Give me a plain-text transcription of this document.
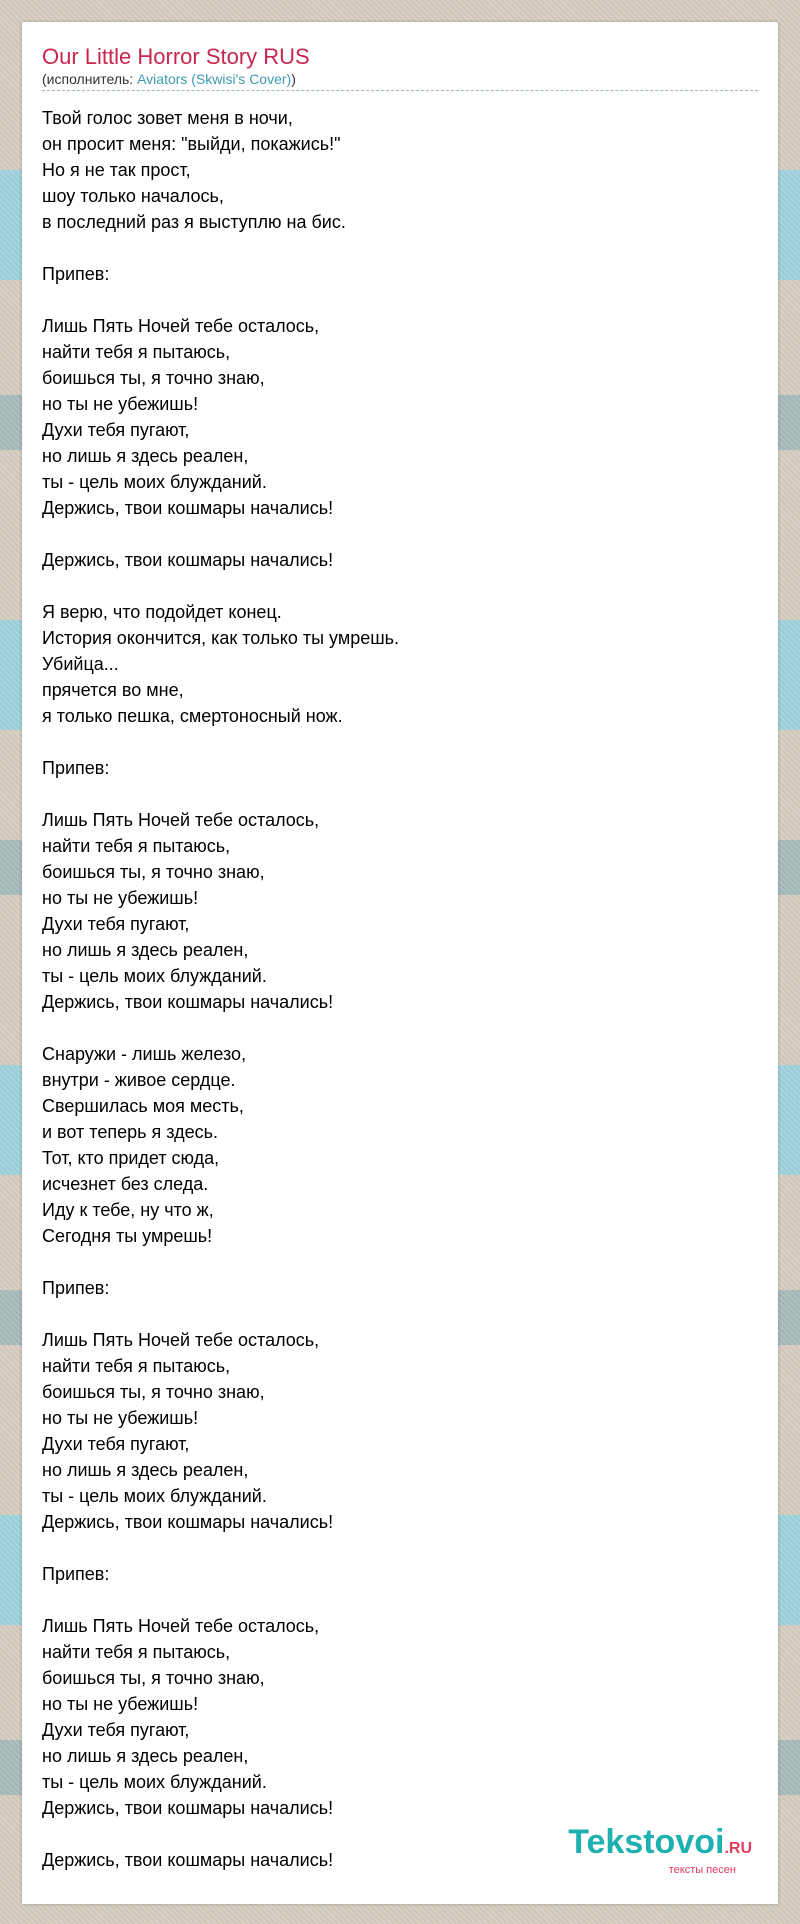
Our Little Horror Story RUS
(исполнитель: Aviators (Skwisi's Cover))
Твой голос зовет меня в ночи,
он просит меня: "выйди, покажись!"
Но я не так прост,
шоу только началось,
в последний раз я выступлю на бис.
Припев:
Лишь Пять Ночей тебе осталось,
найти тебя я пытаюсь,
боишься ты, я точно знаю,
но ты не убежишь!
Духи тебя пугают,
но лишь я здесь реален,
ты - цель моих блужданий.
Держись, твои кошмары начались!
Держись, твои кошмары начались!
Я верю, что подойдет конец.
История окончится, как только ты умрешь.
Убийца...
прячется во мне,
я только пешка, смертоносный нож.
Припев:
Лишь Пять Ночей тебе осталось,
найти тебя я пытаюсь,
боишься ты, я точно знаю,
но ты не убежишь!
Духи тебя пугают,
но лишь я здесь реален,
ты - цель моих блужданий.
Держись, твои кошмары начались!
Снаружи - лишь железо,
внутри - живое сердце.
Свершилась моя месть,
и вот теперь я здесь.
Тот, кто придет сюда,
исчезнет без следа.
Иду к тебе, ну что ж,
Сегодня ты умрешь!
Припев:
Лишь Пять Ночей тебе осталось,
найти тебя я пытаюсь,
боишься ты, я точно знаю,
но ты не убежишь!
Духи тебя пугают,
но лишь я здесь реален,
ты - цель моих блужданий.
Держись, твои кошмары начались!
Припев:
Лишь Пять Ночей тебе осталось,
найти тебя я пытаюсь,
боишься ты, я точно знаю,
но ты не убежишь!
Духи тебя пугают,
но лишь я здесь реален,
ты - цель моих блужданий.
Держись, твои кошмары начались!
Держись, твои кошмары начались!	Tekstovoi.RU
тексты песен
